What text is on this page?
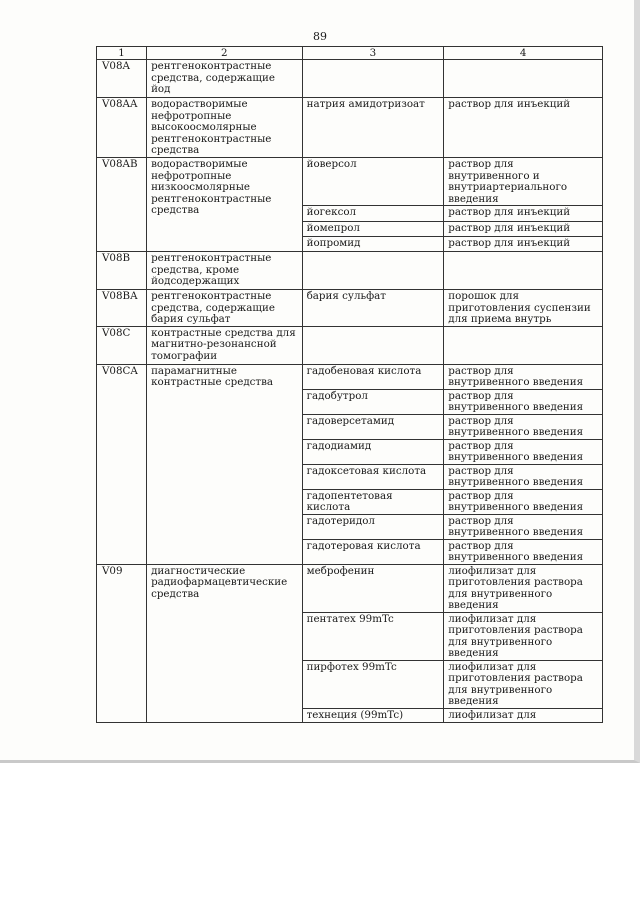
89
1	2	3	4
V08A	рентгеноконтрастные средства, содержащие йод		
V08AA	водорастворимые нефротропные высокоосмолярные рентгеноконтрастные средства	натрия амидотризоат	раствор для инъекций
V08AB	водорастворимые нефротропные низкоосмолярные рентгеноконтрастные средства	йоверсол	раствор для внутривенного и внутриартериального введения
		йогексол	раствор для инъекций
		йомепрол	раствор для инъекций
		йопромид	раствор для инъекций
V08B	рентгеноконтрастные средства, кроме йодсодержащих		
V08BA	рентгеноконтрастные средства, содержащие бария сульфат	бария сульфат	порошок для приготовления суспензии для приема внутрь
V08C	контрастные средства для магнитно-резонансной томографии		
V08CA	парамагнитные контрастные средства	гадобеновая кислота	раствор для внутривенного введения
		гадобутрол	раствор для внутривенного введения
		гадоверсетамид	раствор для внутривенного введения
		гадодиамид	раствор для внутривенного введения
		гадоксетовая кислота	раствор для внутривенного введения
		гадопентетовая кислота	раствор для внутривенного введения
		гадотеридол	раствор для внутривенного введения
		гадотеровая кислота	раствор для внутривенного введения
V09	диагностические радиофармацевтические средства	меброфенин	лиофилизат для приготовления раствора для внутривенного введения
		пентатех 99mTc	лиофилизат для приготовления раствора для внутривенного введения
		пирфотех 99mTc	лиофилизат для приготовления раствора для внутривенного введения
		технеция (99mTc)	лиофилизат для
